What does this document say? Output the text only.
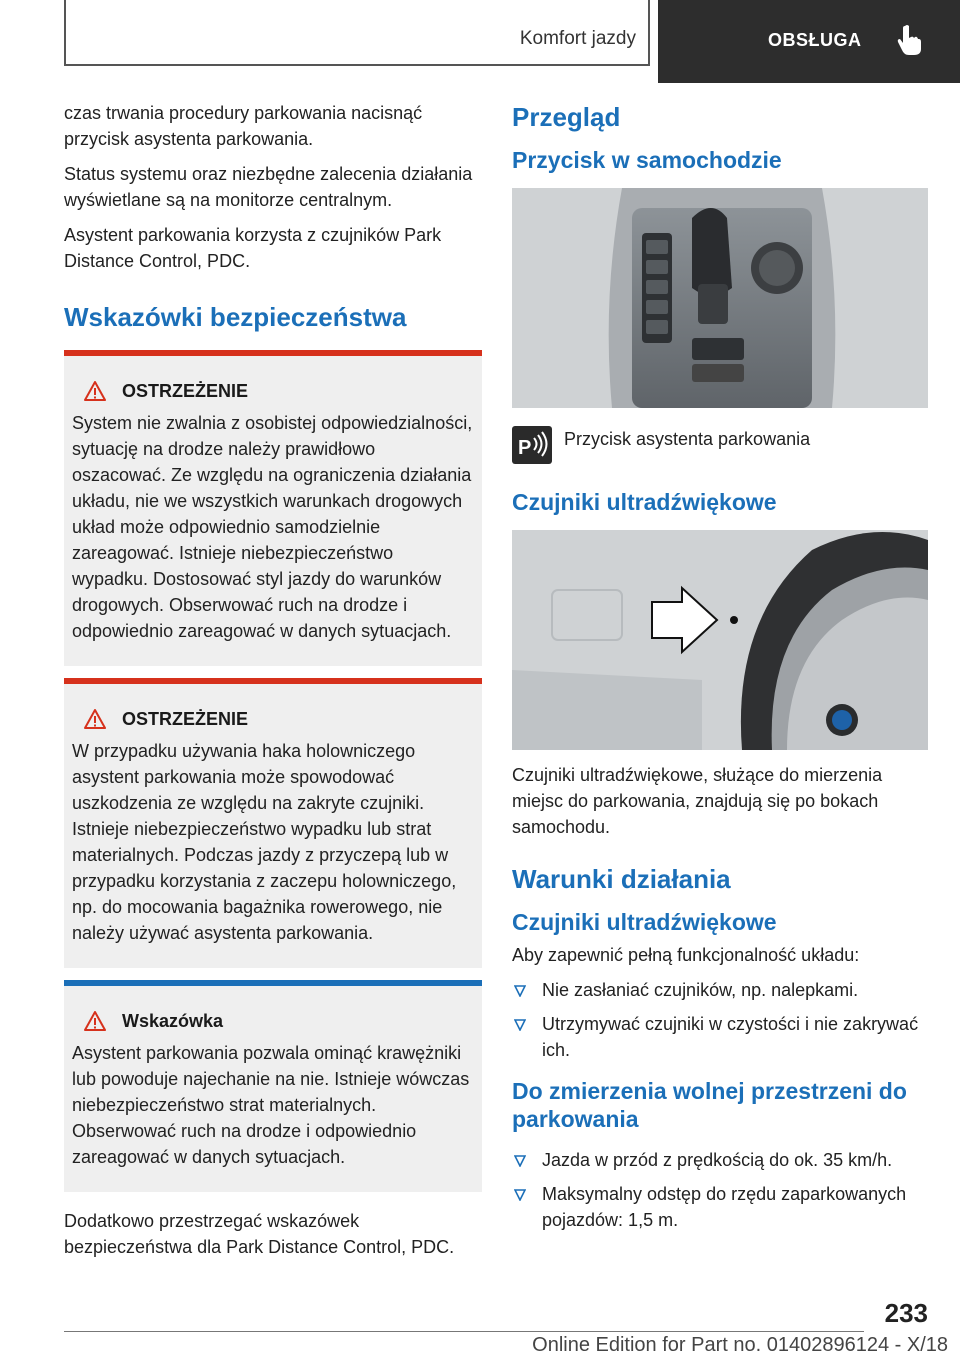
Komfort jazdy	OBSŁUGA

czas trwania procedury parkowania nacisnąć przycisk asystenta parkowania.

Status systemu oraz niezbędne zalecenia działania wyświetlane są na monitorze centralnym.

Asystent parkowania korzysta z czujników Park Distance Control, PDC.

Wskazówki bezpieczeństwa
OSTRZEŻENIE
System nie zwalnia z osobistej odpowiedzialności, sytuację na drodze należy prawidłowo oszacować. Ze względu na ograniczenia działania układu, nie we wszystkich warunkach drogowych układ może odpowiednio samodzielnie zareagować. Istnieje niebezpieczeństwo wypadku. Dostosować styl jazdy do warunków drogowych. Obserwować ruch na drodze i odpowiednio zareagować w danych sytuacjach.
OSTRZEŻENIE
W przypadku używania haka holowniczego asystent parkowania może spowodować uszkodzenia ze względu na zakryte czujniki. Istnieje niebezpieczeństwo wypadku lub strat materialnych. Podczas jazdy z przyczepą lub w przypadku korzystania z zaczepu holowniczego, np. do mocowania bagażnika rowerowego, nie należy używać asystenta parkowania.
Wskazówka
Asystent parkowania pozwala ominąć krawężniki lub powoduje najechanie na nie. Istnieje wówczas niebezpieczeństwo strat materialnych. Obserwować ruch na drodze i odpowiednio zareagować w danych sytuacjach.

Dodatkowo przestrzegać wskazówek bezpieczeństwa dla Park Distance Control, PDC.

Przegląd
Przycisk w samochodzie
P Przycisk asystenta parkowania
Czujniki ultradźwiękowe

Czujniki ultradźwiękowe, służące do mierzenia miejsc do parkowania, znajdują się po bokach samochodu.

Warunki działania
Czujniki ultradźwiękowe

Aby zapewnić pełną funkcjonalność układu:

Nie zasłaniać czujników, np. nalepkami.
Utrzymywać czujniki w czystości i nie zakrywać ich.
Do zmierzenia wolnej przestrzeni do parkowania
Jazda w przód z prędkością do ok. 35 km/h.
Maksymalny odstęp do rzędu zaparkowanych pojazdów: 1,5 m.
233
Online Edition for Part no. 01402896124 - X/18
